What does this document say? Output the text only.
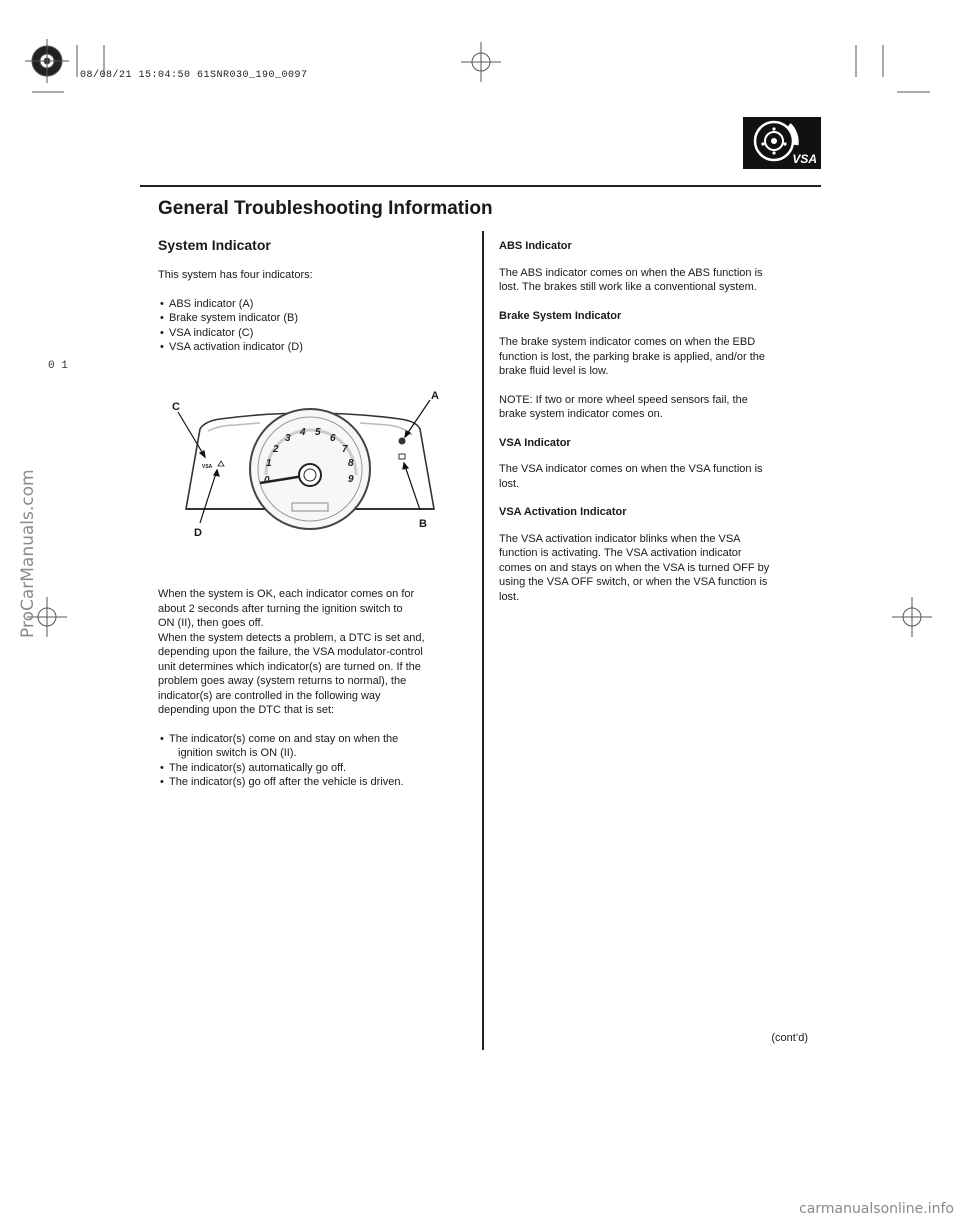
08/08/21 15:04:50 61SNR030_190_0097
0 1
ProCarManuals.com
carmanualsonline.info
VSA
General Troubleshooting Information
System Indicator

This system has four indicators:

• ABS indicator (A)
• Brake system indicator (B)
• VSA indicator (C)
• VSA activation indicator (D)
0
1
2
3
4 5
6
7
8
9
VSA
C
A
B
D

When the system is OK, each indicator comes on for
about 2 seconds after turning the ignition switch to
ON (II), then goes off.
When the system detects a problem, a DTC is set and,
depending upon the failure, the VSA modulator-control
unit determines which indicator(s) are turned on. If the
problem goes away (system returns to normal), the
indicator(s) are controlled in the following way
depending upon the DTC that is set:

• The indicator(s) come on and stay on when the
ignition switch is ON (II).
• The indicator(s) automatically go off.
• The indicator(s) go off after the vehicle is driven.
ABS Indicator

The ABS indicator comes on when the ABS function is
lost. The brakes still work like a conventional system.

Brake System Indicator

The brake system indicator comes on when the EBD
function is lost, the parking brake is applied, and/or the
brake fluid level is low.

NOTE: If two or more wheel speed sensors fail, the
brake system indicator comes on.

VSA Indicator

The VSA indicator comes on when the VSA function is
lost.

VSA Activation Indicator

The VSA activation indicator blinks when the VSA
function is activating. The VSA activation indicator
comes on and stays on when the VSA is turned OFF by
using the VSA OFF switch, or when the VSA function is
lost.

(cont’d)
